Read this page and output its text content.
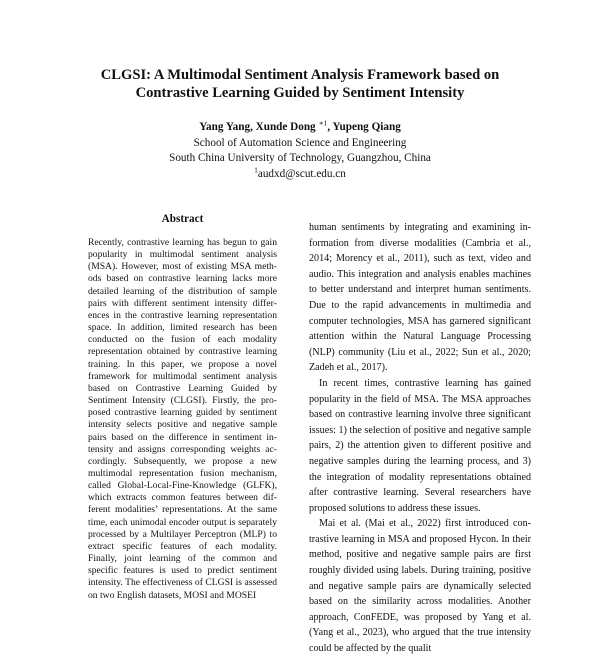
CLGSI: A Multimodal Sentiment Analysis Framework based on
Contrastive Learning Guided by Sentiment Intensity
Yang Yang, Xunde Dong $^{∗1}$, Yupeng Qiang
School of Automation Science and Engineering
South China University of Technology, Guangzhou, China
$^1$audxd@scut.edu.cn
Abstract

Recently, contrastive learning has begun to gain popularity in multimodal sentiment analysis (MSA). However, most of existing MSA methods based on contrastive learning lacks more detailed learning of the distribution of sample pairs with different sentiment intensity differences in the contrastive learning representation space. In addition, limited research has been conducted on the fusion of each modality representation obtained by contrastive learning training. In this paper, we propose a novel framework for multimodal sentiment analysis based on Contrastive Learning Guided by Sentiment Intensity (CLGSI). Firstly, the proposed contrastive learning guided by sentiment intensity selects positive and negative sample pairs based on the difference in sentiment intensity and assigns corresponding weights accordingly. Subsequently, we propose a new multimodal representation fusion mechanism, called Global-Local-Fine-Knowledge (GLFK), which extracts common features between different modalities’ representations. At the same time, each unimodal encoder output is separately processed by a Multilayer Perceptron (MLP) to extract specific features of each modality. Finally, joint learning of the common and specific features is used to predict sentiment intensity. The effectiveness of CLGSI is assessed on two English datasets, MOSI and MOSEI

human sentiments by integrating and examining information from diverse modalities (Cambria et al., 2014; Morency et al., 2011), such as text, video and audio. This integration and analysis enables machines to better understand and interpret human sentiments. Due to the rapid advancements in multimedia and computer technologies, MSA has garnered significant attention within the Natural Language Processing (NLP) community (Liu et al., 2022; Sun et al., 2020; Zadeh et al., 2017).

In recent times, contrastive learning has gained popularity in the field of MSA. The MSA approaches based on contrastive learning involve three significant issues: 1) the selection of positive and negative sample pairs, 2) the attention given to different positive and negative samples during the learning process, and 3) the integration of modality representations obtained after contrastive learning. Several researchers have proposed solutions to address these issues.

Mai et al. (Mai et al., 2022) first introduced contrastive learning in MSA and proposed Hycon. In their method, positive and negative sample pairs are first roughly divided using labels. During training, positive and negative sample pairs are dynamically selected based on the similarity across modalities. Another approach, ConFEDE, was proposed by Yang et al. (Yang et al., 2023), who argued that the true intensity could be affected by the qualit
